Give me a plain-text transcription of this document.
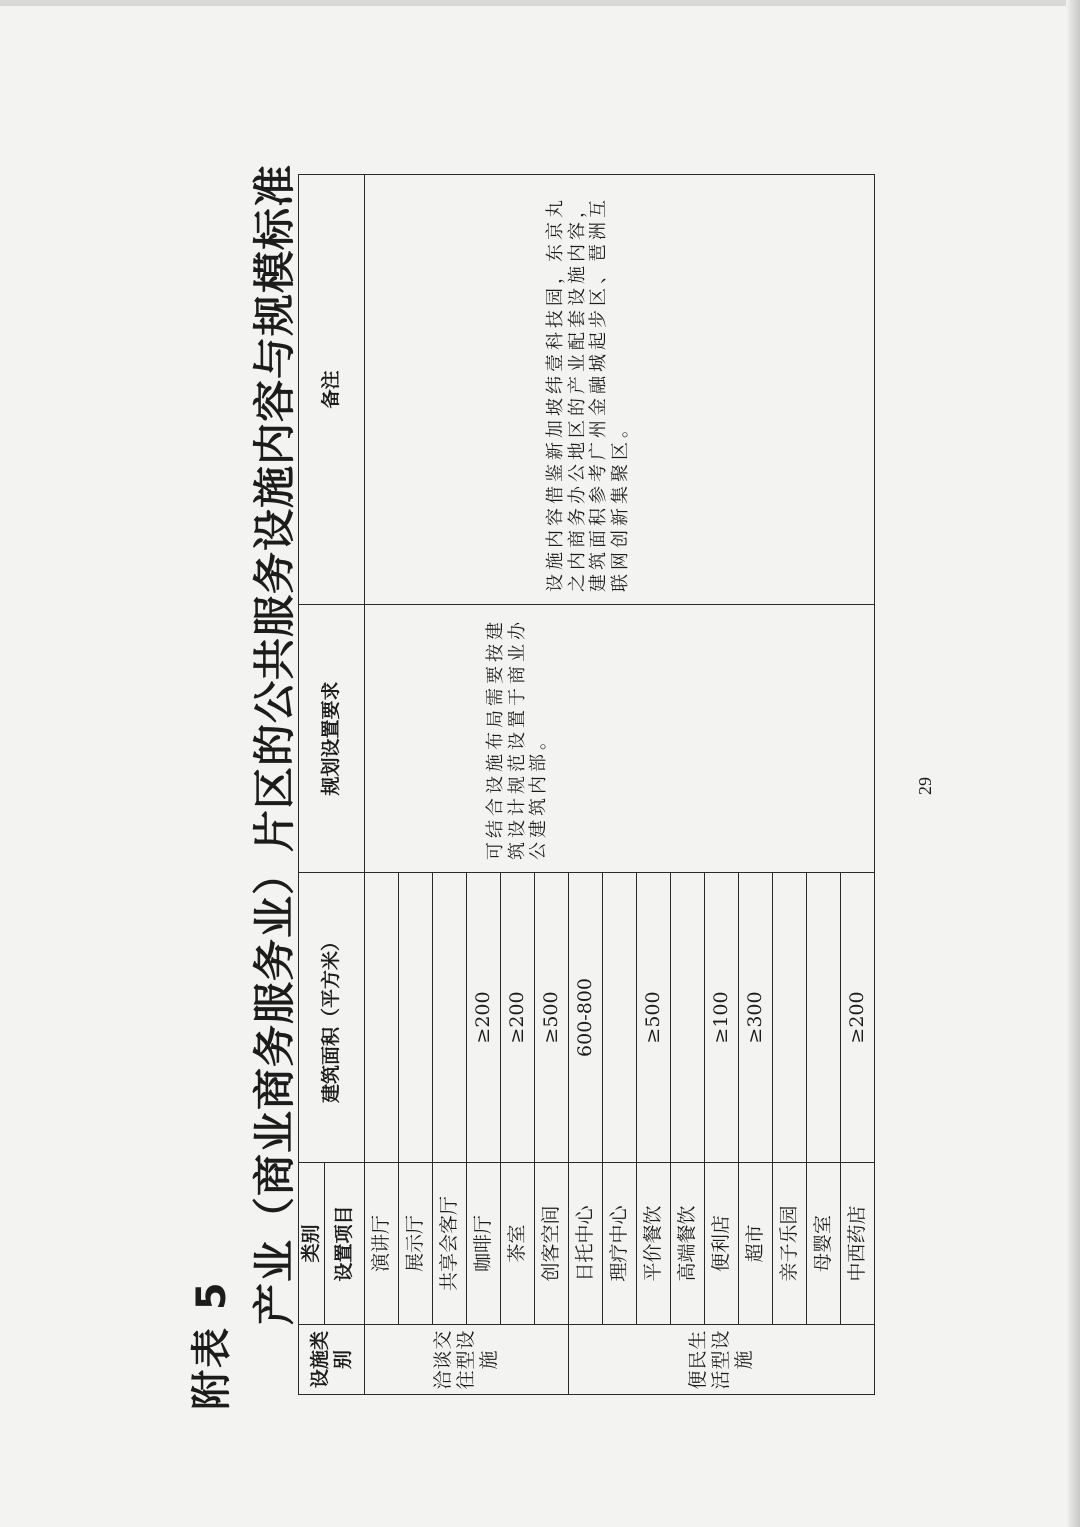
附表 5
产业（商业商务服务业）片区的公共服务设施内容与规模标准
设施类别	类别	建筑面积（平方米）	规划设置要求	备注
	设置项目			
洽谈交往型设施	演讲厅		可结合设施布局需要按建筑设计规范设置于商业办公建筑内部。	设施内容借鉴新加坡纬壹科技园，东京丸之内商务办公地区的产业配套设施内容，建筑面积参考广州金融城起步区、琶洲互联网创新集聚区。
	展示厅			
	共享会客厅			
	咖啡厅	≥200		
	茶室	≥200		
	创客空间	≥500		
便民生活型设施	日托中心	600-800		
	理疗中心			
	平价餐饮	≥500		
	高端餐饮			
	便利店	≥100		
	超市	≥300		
	亲子乐园			
	母婴室			
	中西药店	≥200		
29
